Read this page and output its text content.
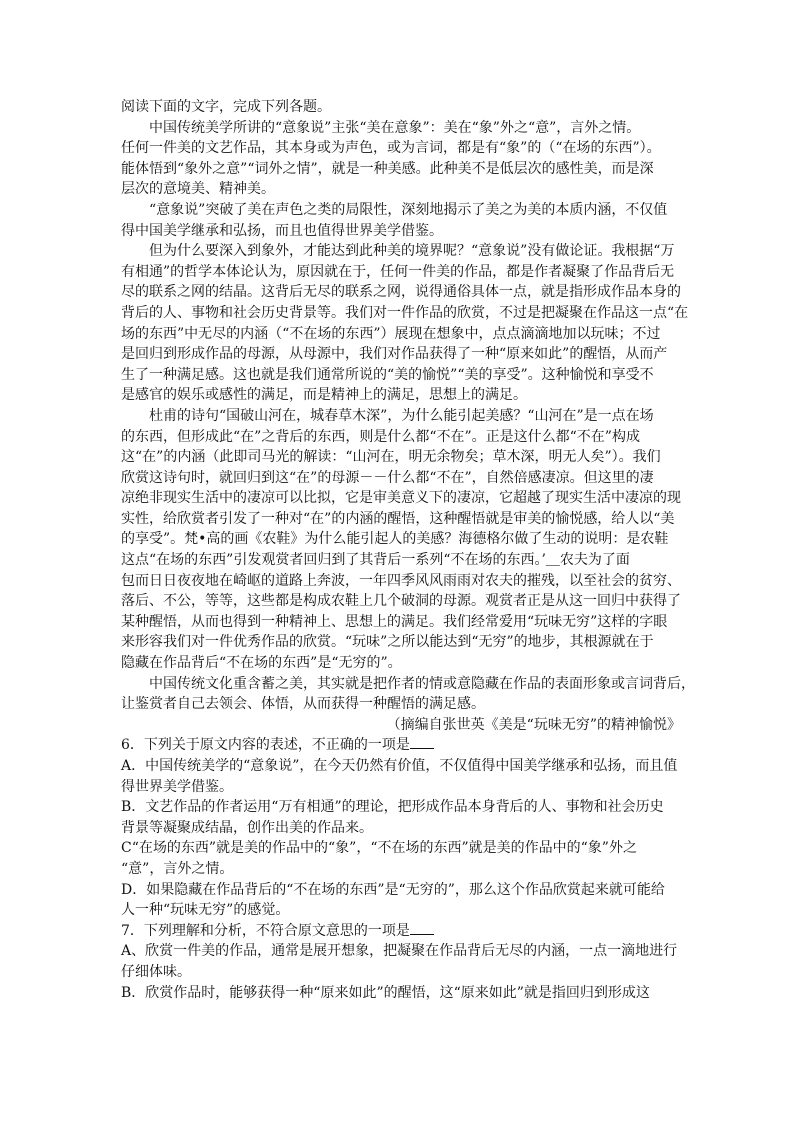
阅读下面的文字，完成下列各题。
中国传统美学所讲的“意象说”主张“美在意象”：美在“象”外之“意”，言外之情。
任何一件美的文艺作品，其本身或为声色，或为言词，都是有“象”的（“在场的东西”）。
能体悟到“象外之意”“词外之情”，就是一种美感。此种美不是低层次的感性美，而是深
层次的意境美、精神美。
“意象说”突破了美在声色之类的局限性，深刻地揭示了美之为美的本质内涵，不仅值
得中国美学继承和弘扬，而且也值得世界美学借鉴。
但为什么要深入到象外，才能达到此种美的境界呢？“意象说”没有做论证。我根据“万
有相通”的哲学本体论认为，原因就在于，任何一件美的作品，都是作者凝聚了作品背后无
尽的联系之网的结晶。这背后无尽的联系之网，说得通俗具体一点，就是指形成作品本身的
背后的人、事物和社会历史背景等。我们对一件作品的欣赏，不过是把凝聚在作品这一点“在
场的东西”中无尽的内涵（“不在场的东西”）展现在想象中，点点滴滴地加以玩味；不过
是回归到形成作品的母源，从母源中，我们对作品获得了一种“原来如此”的醒悟，从而产
生了一种满足感。这也就是我们通常所说的“美的愉悦”“美的享受”。这种愉悦和享受不
是感官的娱乐或感性的满足，而是精神上的满足，思想上的满足。
杜甫的诗句“国破山河在，城春草木深”，为什么能引起美感？“山河在”是一点在场
的东西，但形成此“在”之背后的东西，则是什么都“不在”。正是这什么都“不在”构成
这“在”的内涵（此即司马光的解读：“山河在，明无余物矣；草木深，明无人矣”）。我们
欣赏这诗句时，就回归到这“在”的母源－－什么都“不在”，自然倍感凄凉。但这里的凄
凉绝非现实生活中的凄凉可以比拟，它是审美意义下的凄凉，它超越了现实生活中凄凉的现
实性，给欣赏者引发了一种对“在”的内涵的醒悟，这种醒悟就是审美的愉悦感，给人以“美
的享受”。梵•高的画《农鞋》为什么能引起人的美感？海德格尔做了生动的说明：是农鞋
这点“在场的东西”引发观赏者回归到了其背后一系列“不在场的东西。’＿农夫为了面
包而日日夜夜地在崎岖的道路上奔波，一年四季风风雨雨对农夫的摧残，以至社会的贫穷、
落后、不公，等等，这些都是构成农鞋上几个破洞的母源。观赏者正是从这一回归中获得了
某种醒悟，从而也得到一种精神上、思想上的满足。我们经常爱用“玩味无穷”这样的字眼
来形容我们对一件优秀作品的欣赏。“玩味”之所以能达到“无穷”的地步，其根源就在于
隐藏在作品背后“不在场的东西”是“无穷的”。
中国传统文化重含蓄之美，其实就是把作者的情或意隐藏在作品的表面形象或言词背后，
让鉴赏者自己去领会、体悟，从而获得一种醒悟的满足感。
（摘编自张世英《美是“玩味无穷”的精神愉悦》
6．下列关于原文内容的表述，不正确的一项是
A．中国传统美学的“意象说”，在今天仍然有价值，不仅值得中国美学继承和弘扬，而且值
得世界美学借鉴。
B．文艺作品的作者运用“万有相通”的理论，把形成作品本身背后的人、事物和社会历史
背景等凝聚成结晶，创作出美的作品来。
C“在场的东西”就是美的作品中的“象”，“不在场的东西”就是美的作品中的“象”外之
“意”，言外之情。
D．如果隐藏在作品背后的“不在场的东西”是“无穷的”，那么这个作品欣赏起来就可能给
人一种“玩味无穷”的感觉。
7．下列理解和分析，不符合原文意思的一项是
A、欣赏一件美的作品，通常是展开想象，把凝聚在作品背后无尽的内涵，一点一滴地进行
仔细体味。
B．欣赏作品时，能够获得一种“原来如此”的醒悟，这“原来如此”就是指回归到形成这
